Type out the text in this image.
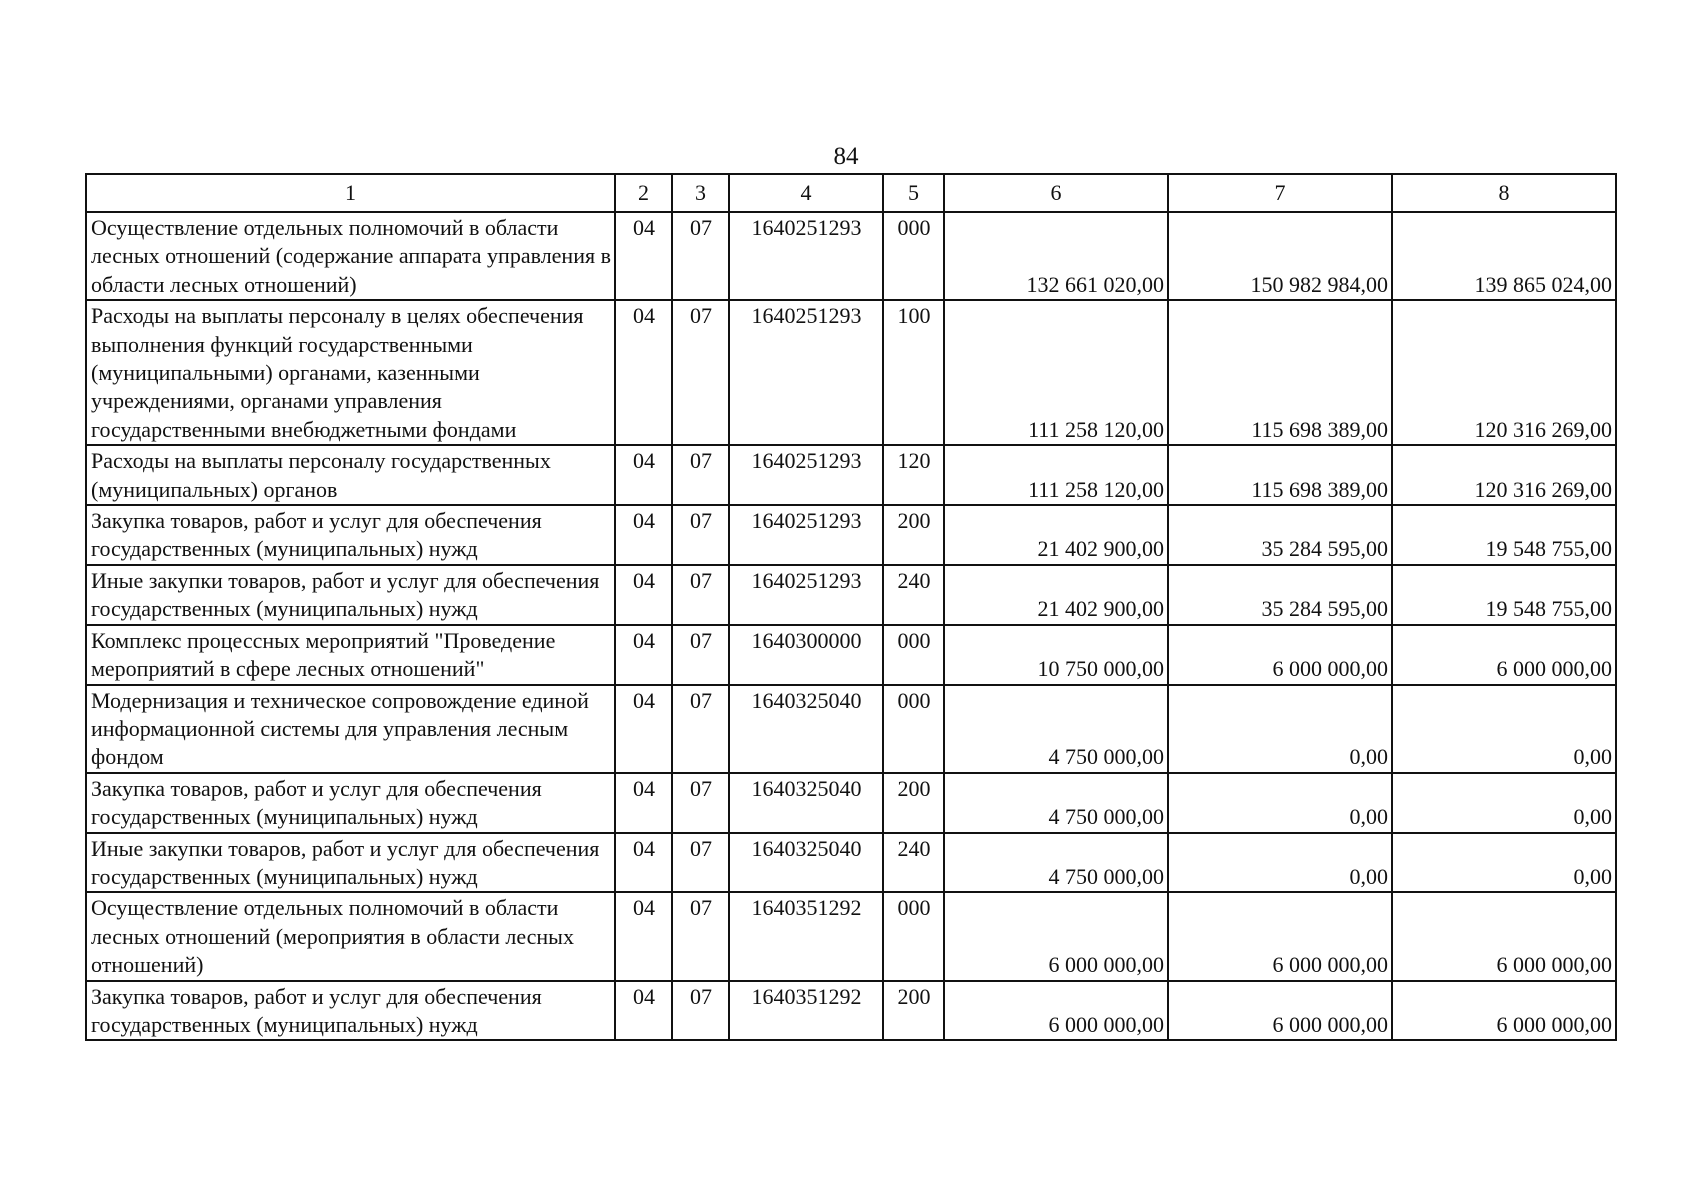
84
1	2	3	4	5	6	7	8
Осуществление отдельных полномочий в области лесных отношений (содержание аппарата управления в области лесных отношений)	04	07	1640251293	000	132 661 020,00	150 982 984,00	139 865 024,00
Расходы на выплаты персоналу в целях обеспечения выполнения функций государственными (муниципальными) органами, казенными учреждениями, органами управления государственными внебюджетными фондами	04	07	1640251293	100	111 258 120,00	115 698 389,00	120 316 269,00
Расходы на выплаты персоналу государственных (муниципальных) органов	04	07	1640251293	120	111 258 120,00	115 698 389,00	120 316 269,00
Закупка товаров, работ и услуг для обеспечения государственных (муниципальных) нужд	04	07	1640251293	200	21 402 900,00	35 284 595,00	19 548 755,00
Иные закупки товаров, работ и услуг для обеспечения государственных (муниципальных) нужд	04	07	1640251293	240	21 402 900,00	35 284 595,00	19 548 755,00
Комплекс процессных мероприятий "Проведение мероприятий в сфере лесных отношений"	04	07	1640300000	000	10 750 000,00	6 000 000,00	6 000 000,00
Модернизация и техническое сопровождение единой информационной системы для управления лесным фондом	04	07	1640325040	000	4 750 000,00	0,00	0,00
Закупка товаров, работ и услуг для обеспечения государственных (муниципальных) нужд	04	07	1640325040	200	4 750 000,00	0,00	0,00
Иные закупки товаров, работ и услуг для обеспечения государственных (муниципальных) нужд	04	07	1640325040	240	4 750 000,00	0,00	0,00
Осуществление отдельных полномочий в области лесных отношений (мероприятия в области лесных отношений)	04	07	1640351292	000	6 000 000,00	6 000 000,00	6 000 000,00
Закупка товаров, работ и услуг для обеспечения государственных (муниципальных) нужд	04	07	1640351292	200	6 000 000,00	6 000 000,00	6 000 000,00
